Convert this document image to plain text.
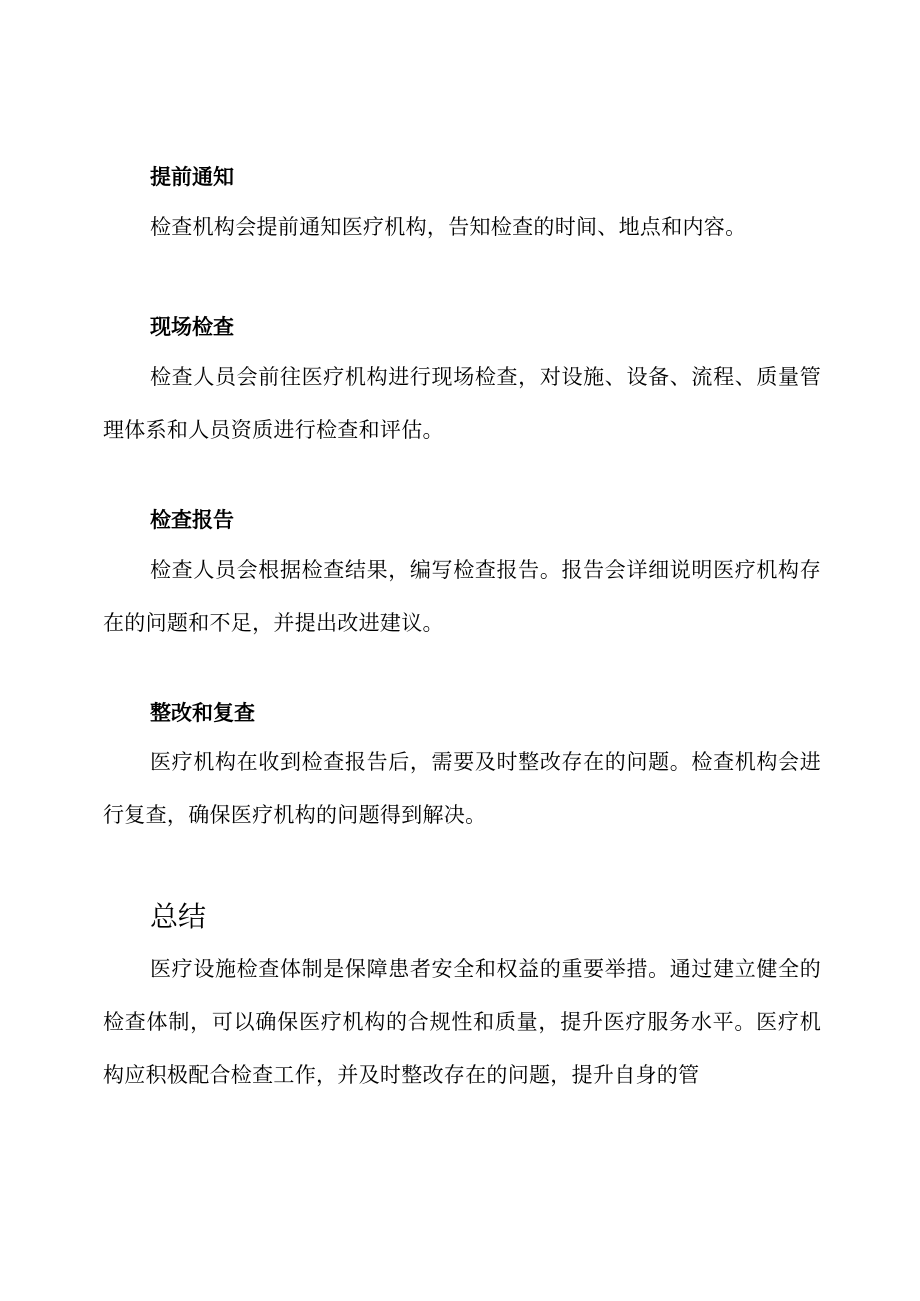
提前通知

检查机构会提前通知医疗机构，告知检查的时间、地点和内容。

现场检查

检查人员会前往医疗机构进行现场检查，对设施、设备、流程、质量管理体系和人员资质进行检查和评估。

检查报告

检查人员会根据检查结果，编写检查报告。报告会详细说明医疗机构存在的问题和不足，并提出改进建议。

整改和复查

医疗机构在收到检查报告后，需要及时整改存在的问题。检查机构会进行复查，确保医疗机构的问题得到解决。

总结

医疗设施检查体制是保障患者安全和权益的重要举措。通过建立健全的检查体制，可以确保医疗机构的合规性和质量，提升医疗服务水平。医疗机构应积极配合检查工作，并及时整改存在的问题，提升自身的管
